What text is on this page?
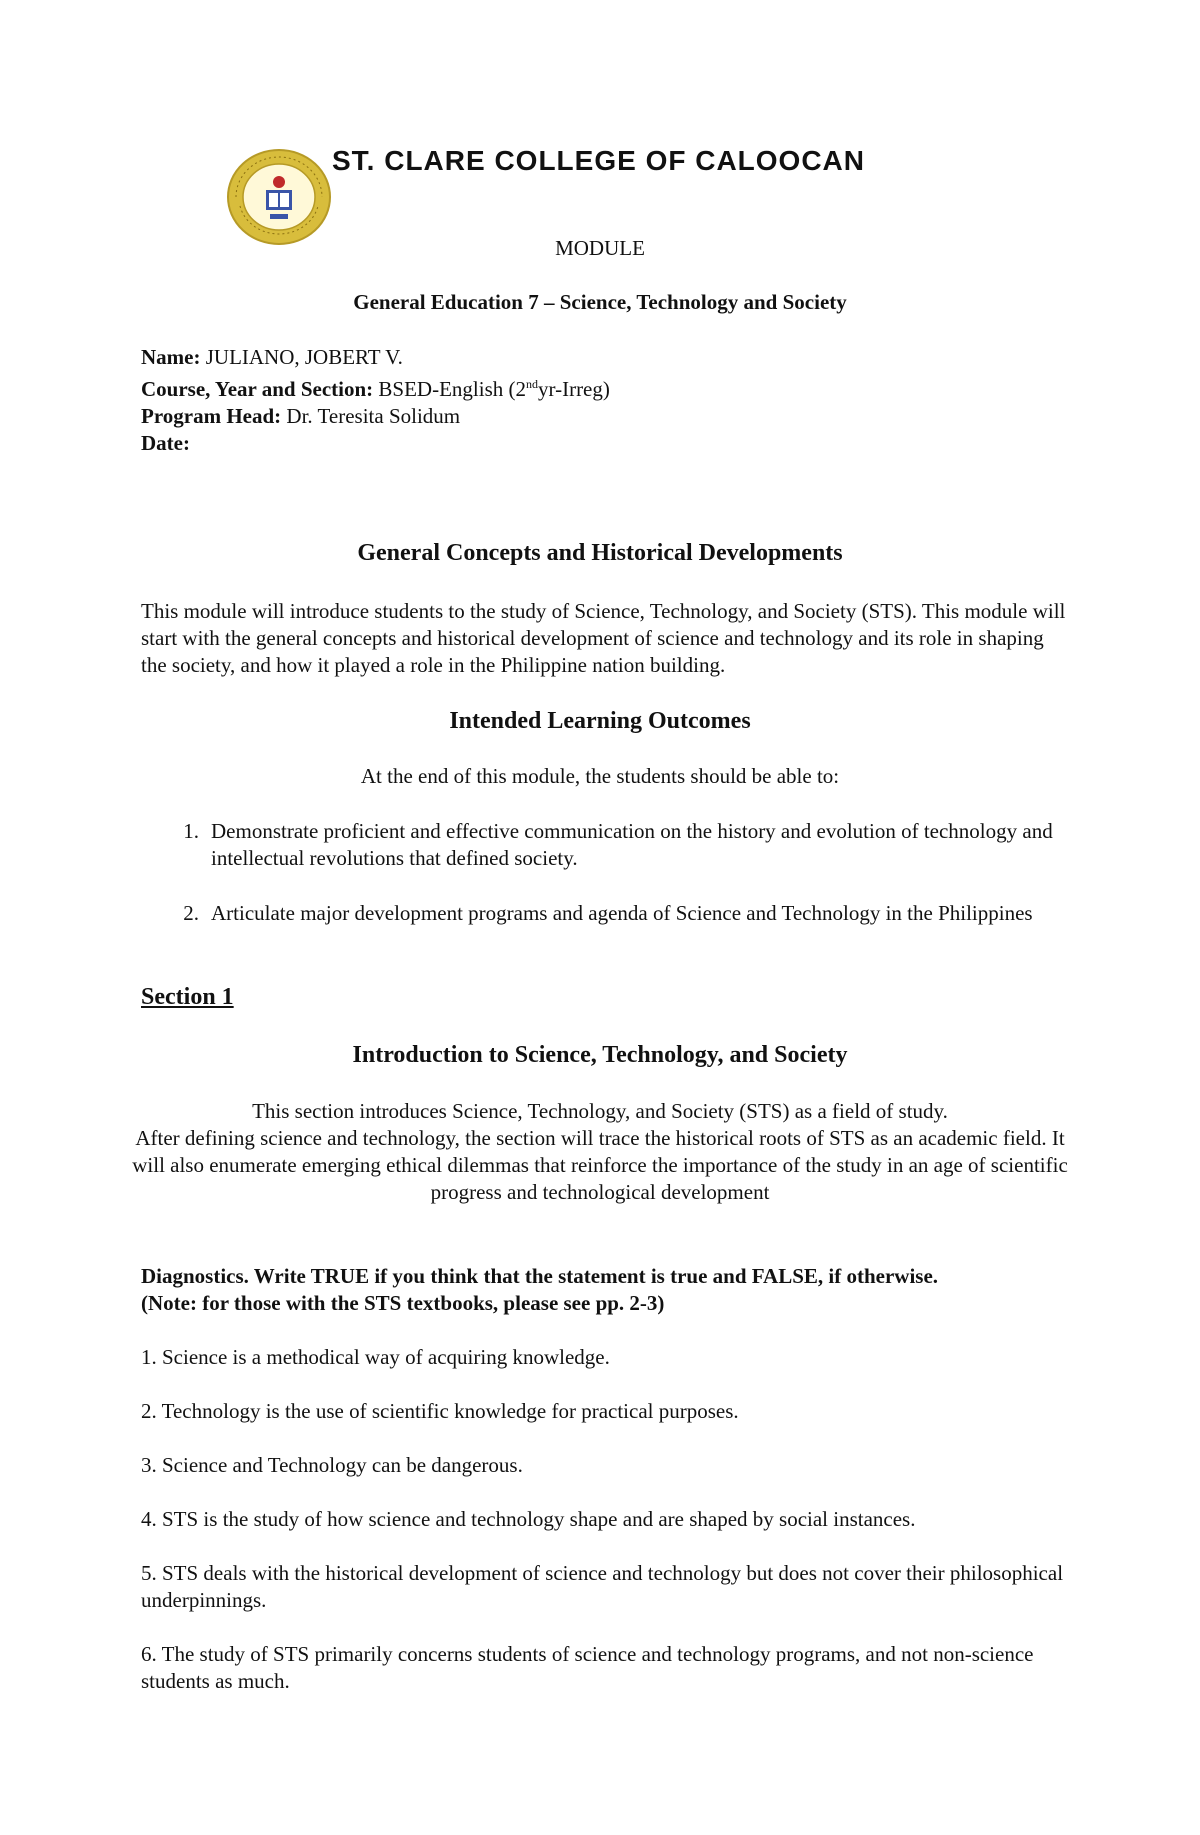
ST. CLARE COLLEGE OF CALOOCAN
MODULE
General Education 7 – Science, Technology and Society
Name: JULIANO, JOBERT V.
Course, Year and Section: BSED-English (2ndyr-Irreg)
Program Head: Dr. Teresita Solidum
Date:
General Concepts and Historical Developments
This module will introduce students to the study of Science, Technology, and Society (STS). This module will start with the general concepts and historical development of science and technology and its role in shaping the society, and how it played a role in the Philippine nation building.
Intended Learning Outcomes
At the end of this module, the students should be able to:
1. Demonstrate proficient and effective communication on the history and evolution of technology and intellectual revolutions that defined society.
2. Articulate major development programs and agenda of Science and Technology in the Philippines
Section 1
Introduction to Science, Technology, and Society
This section introduces Science, Technology, and Society (STS) as a field of study.
After defining science and technology, the section will trace the historical roots of STS as an academic field. It will also enumerate emerging ethical dilemmas that reinforce the importance of the study in an age of scientific progress and technological development
Diagnostics. Write TRUE if you think that the statement is true and FALSE, if otherwise.
(Note: for those with the STS textbooks, please see pp. 2-3)
1. Science is a methodical way of acquiring knowledge.
2. Technology is the use of scientific knowledge for practical purposes.
3. Science and Technology can be dangerous.
4. STS is the study of how science and technology shape and are shaped by social instances.
5. STS deals with the historical development of science and technology but does not cover their philosophical underpinnings.
6. The study of STS primarily concerns students of science and technology programs, and not non-science students as much.
